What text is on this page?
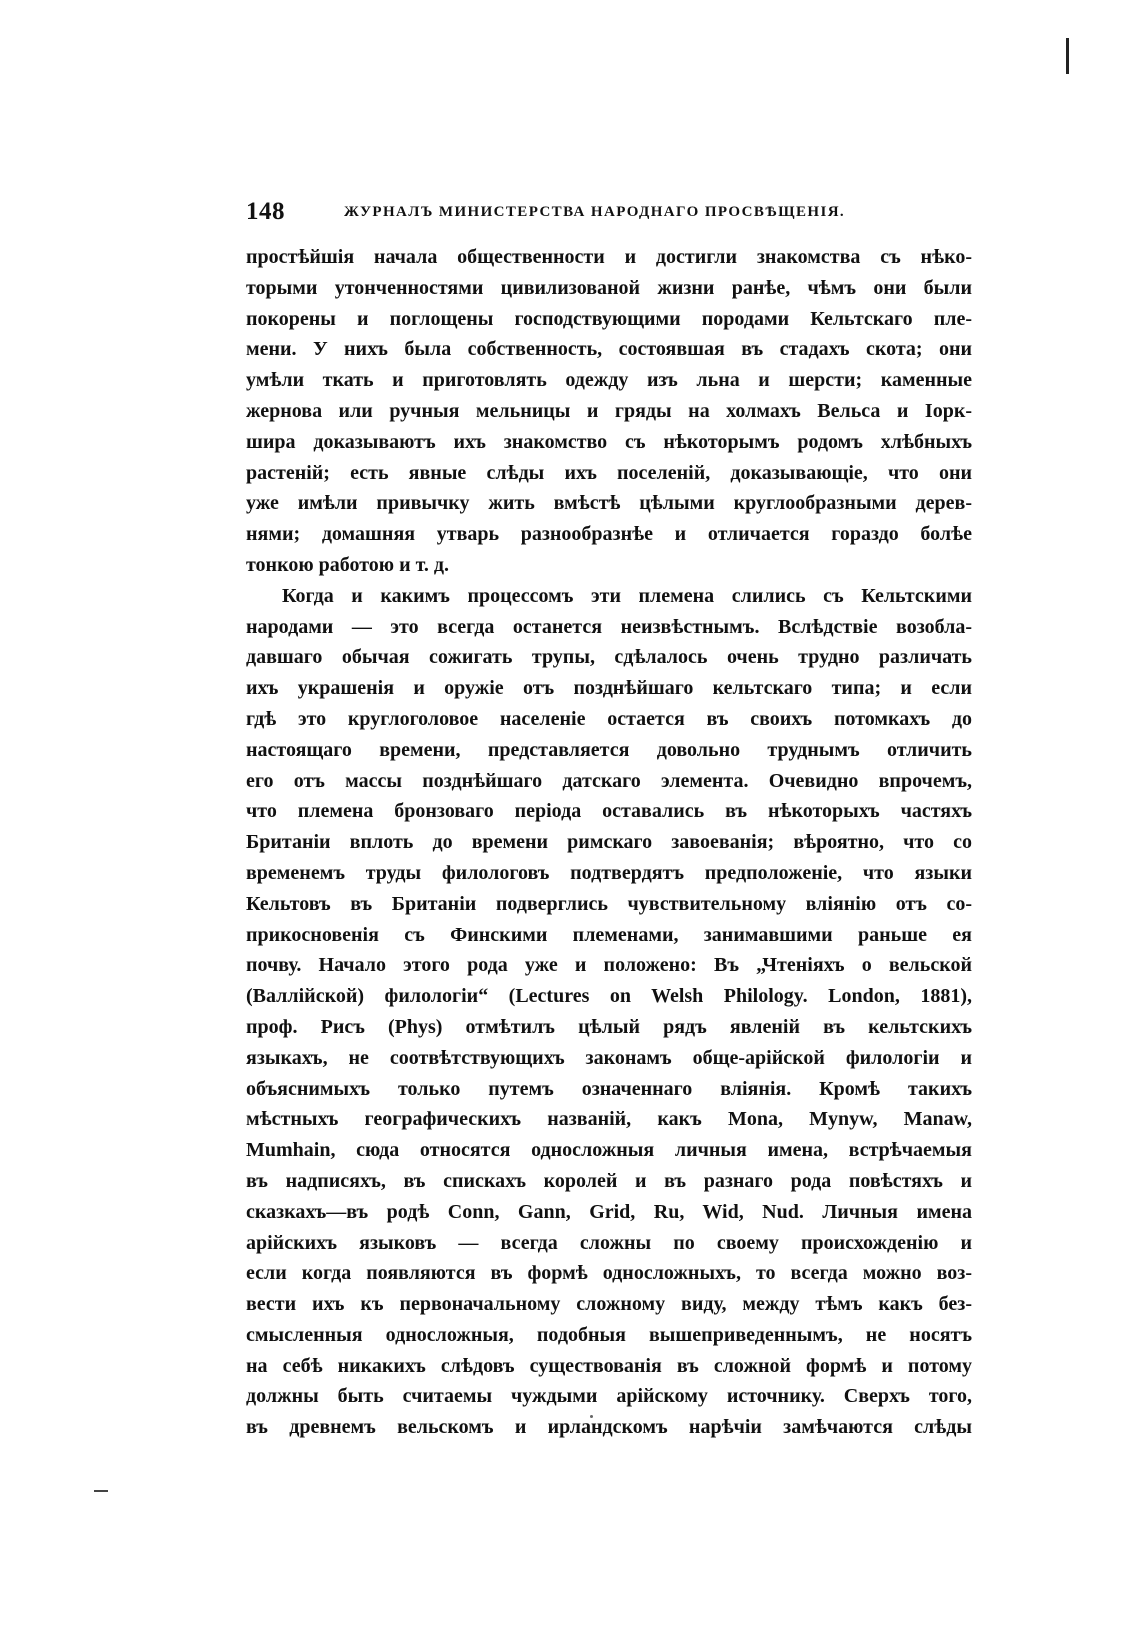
148	ЖУРНАЛЪ МИНИСТЕРСТВА НАРОДНАГО ПРОСВѢЩЕНІЯ.
простѣйшія начала общественности и достигли знакомства съ нѣко-
торыми утонченностями цивилизованой жизни ранѣе, чѣмъ они были
покорены и поглощены господствующими породами Кельтскаго пле-
мени. У нихъ была собственность, состоявшая въ стадахъ скота; они
умѣли ткать и приготовлять одежду изъ льна и шерсти; каменные
жернова или ручныя мельницы и гряды на холмахъ Вельса и Іорк-
шира доказываютъ ихъ знакомство съ нѣкоторымъ родомъ хлѣбныхъ
растеній; есть явные слѣды ихъ поселеній, доказывающіе, что они
уже имѣли привычку жить вмѣстѣ цѣлыми круглообразными дерев-
нями; домашняя утварь разнообразнѣе и отличается гораздо болѣе
тонкою работою и т. д.
Когда и какимъ процессомъ эти племена слились съ Кельтскими
народами — это всегда останется неизвѣстнымъ. Вслѣдствіе возобла-
давшаго обычая сожигать трупы, сдѣлалось очень трудно различать
ихъ украшенія и оружіе отъ позднѣйшаго кельтскаго типа; и если
гдѣ это круглоголовое населеніе остается въ своихъ потомкахъ до
настоящаго времени, представляется довольно труднымъ отличить
его отъ массы позднѣйшаго датскаго элемента. Очевидно впрочемъ,
что племена бронзоваго періода оставались въ нѣкоторыхъ частяхъ
Британіи вплоть до времени римскаго завоеванія; вѣроятно, что со
временемъ труды филологовъ подтвердятъ предположеніе, что языки
Кельтовъ въ Британіи подверглись чувствительному вліянію отъ со-
прикосновенія съ Финскими племенами, занимавшими раньше ея
почву. Начало этого рода уже и положено: Въ „Чтеніяхъ о вельской
(Валлійской) филологіи“ (Lectures on Welsh Philology. London, 1881),
проф. Рисъ (Phys) отмѣтилъ цѣлый рядъ явленій въ кельтскихъ
языкахъ, не соотвѣтствующихъ законамъ обще-арійской филологіи и
объяснимыхъ только путемъ означеннаго вліянія. Кромѣ такихъ
мѣстныхъ географическихъ названій, какъ Mona, Mynyw, Manaw,
Mumhain, сюда относятся односложныя личныя имена, встрѣчаемыя
въ надписяхъ, въ спискахъ королей и въ разнаго рода повѣстяхъ и
сказкахъ—въ родѣ Conn, Gann, Grid, Ru, Wid, Nud. Личныя имена
арійскихъ языковъ — всегда сложны по своему происхожденію и
если когда появляются въ формѣ односложныхъ, то всегда можно воз-
вести ихъ къ первоначальному сложному виду, между тѣмъ какъ без-
смысленныя односложныя, подобныя вышеприведеннымъ, не носятъ
на себѣ никакихъ слѣдовъ существованія въ сложной формѣ и потому
должны быть считаемы чуждыми арійскому источнику. Сверхъ того,
въ древнемъ вельскомъ и ирландскомъ нарѣчіи замѣчаются слѣды
